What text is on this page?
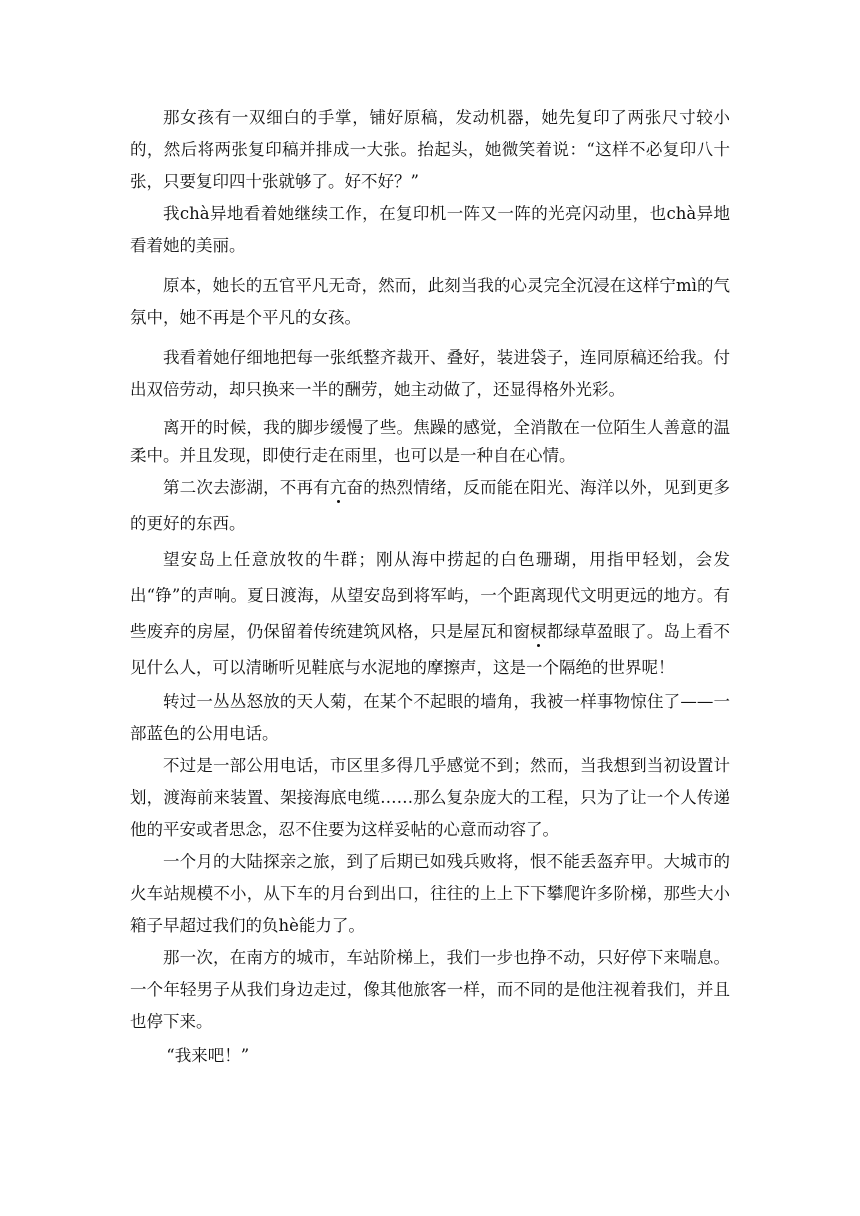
那女孩有一双细白的手掌，铺好原稿，发动机器，她先复印了两张尺寸较小的，然后将两张复印稿并排成一大张。抬起头，她微笑着说：“这样不必复印八十张，只要复印四十张就够了。好不好？”

我chà异地看着她继续工作，在复印机一阵又一阵的光亮闪动里，也chà异地看着她的美丽。

原本，她长的五官平凡无奇，然而，此刻当我的心灵完全沉浸在这样宁mì的气氛中，她不再是个平凡的女孩。

我看着她仔细地把每一张纸整齐裁开、叠好，装进袋子，连同原稿还给我。付出双倍劳动，却只换来一半的酬劳，她主动做了，还显得格外光彩。

离开的时候，我的脚步缓慢了些。焦躁的感觉，全消散在一位陌生人善意的温柔中。并且发现，即使行走在雨里，也可以是一种自在心情。

第二次去澎湖，不再有亢奋的热烈情绪，反而能在阳光、海洋以外，见到更多的更好的东西。

望安岛上任意放牧的牛群；刚从海中捞起的白色珊瑚，用指甲轻划，会发出“铮”的声响。夏日渡海，从望安岛到将军屿，一个距离现代文明更远的地方。有些废弃的房屋，仍保留着传统建筑风格，只是屋瓦和窗棂都绿草盈眼了。岛上看不见什么人，可以清晰听见鞋底与水泥地的摩擦声，这是一个隔绝的世界呢！

转过一丛丛怒放的天人菊，在某个不起眼的墙角，我被一样事物惊住了——一部蓝色的公用电话。

不过是一部公用电话，市区里多得几乎感觉不到；然而，当我想到当初设置计划，渡海前来装置、架接海底电缆……那么复杂庞大的工程，只为了让一个人传递他的平安或者思念，忍不住要为这样妥帖的心意而动容了。

一个月的大陆探亲之旅，到了后期已如残兵败将，恨不能丢盔弃甲。大城市的火车站规模不小，从下车的月台到出口，往往的上上下下攀爬许多阶梯，那些大小箱子早超过我们的负hè能力了。

那一次，在南方的城市，车站阶梯上，我们一步也挣不动，只好停下来喘息。一个年轻男子从我们身边走过，像其他旅客一样，而不同的是他注视着我们，并且也停下来。

“我来吧！”
